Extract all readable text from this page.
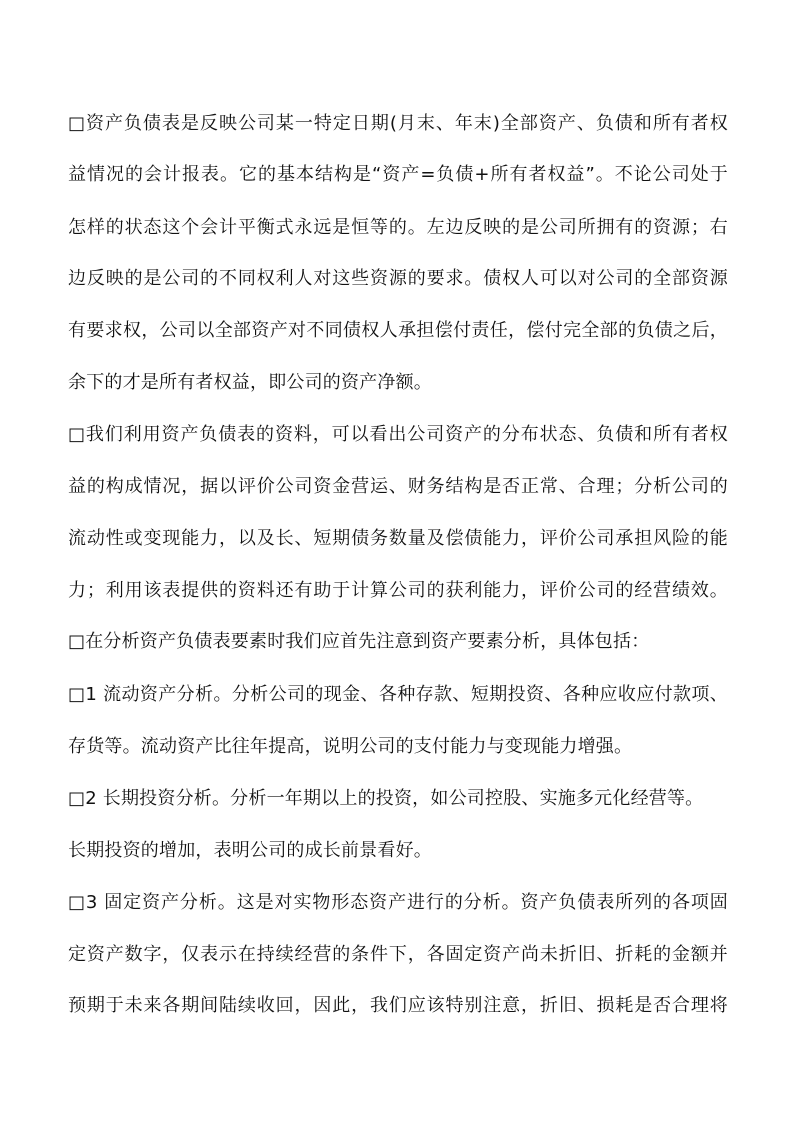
□资产负债表是反映公司某一特定日期(月末、年末)全部资产、负债和所有者权
益情况的会计报表。它的基本结构是“资产=负债+所有者权益”。不论公司处于
怎样的状态这个会计平衡式永远是恒等的。左边反映的是公司所拥有的资源；右
边反映的是公司的不同权利人对这些资源的要求。债权人可以对公司的全部资源
有要求权，公司以全部资产对不同债权人承担偿付责任，偿付完全部的负债之后，
余下的才是所有者权益，即公司的资产净额。
□我们利用资产负债表的资料，可以看出公司资产的分布状态、负债和所有者权
益的构成情况，据以评价公司资金营运、财务结构是否正常、合理；分析公司的
流动性或变现能力，以及长、短期债务数量及偿债能力，评价公司承担风险的能
力；利用该表提供的资料还有助于计算公司的获利能力，评价公司的经营绩效。
□在分析资产负债表要素时我们应首先注意到资产要素分析，具体包括：
□1 流动资产分析。分析公司的现金、各种存款、短期投资、各种应收应付款项、
存货等。流动资产比往年提高，说明公司的支付能力与变现能力增强。
□2 长期投资分析。分析一年期以上的投资，如公司控股、实施多元化经营等。
长期投资的增加，表明公司的成长前景看好。
□3 固定资产分析。这是对实物形态资产进行的分析。资产负债表所列的各项固
定资产数字，仅表示在持续经营的条件下，各固定资产尚未折旧、折耗的金额并
预期于未来各期间陆续收回，因此，我们应该特别注意，折旧、损耗是否合理将
